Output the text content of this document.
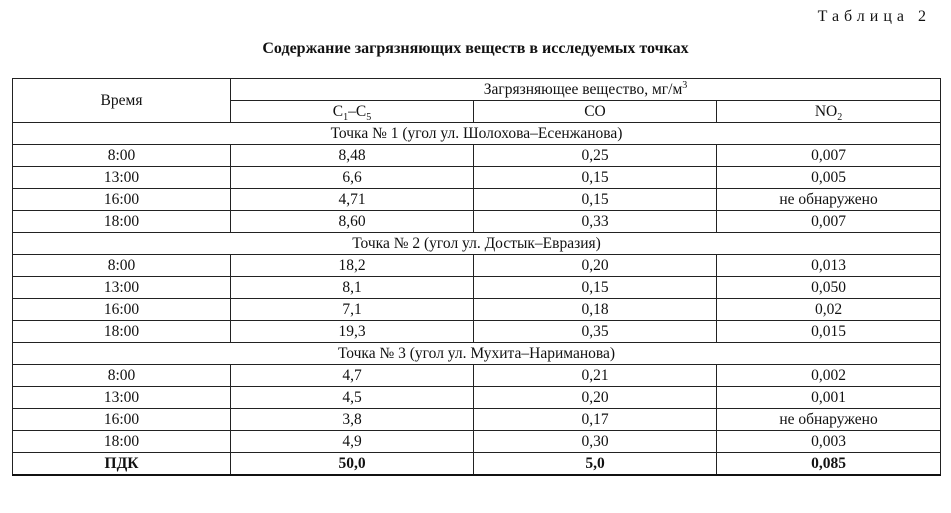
Таблица 2
Содержание загрязняющих веществ в исследуемых точках
Время	Загрязняющее вещество, $мг/м^3$
	$C_1-C_5$	CO	$NO_2$
Точка № 1 (угол ул. Шолохова–Есенжанова)			
8:00	8,48	0,25	0,007
13:00	6,6	0,15	0,005
16:00	4,71	0,15	не обнаружено
18:00	8,60	0,33	0,007
Точка № 2 (угол ул. Достык–Евразия)			
8:00	18,2	0,20	0,013
13:00	8,1	0,15	0,050
16:00	7,1	0,18	0,02
18:00	19,3	0,35	0,015
Точка № 3 (угол ул. Мухита–Нариманова)			
8:00	4,7	0,21	0,002
13:00	4,5	0,20	0,001
16:00	3,8	0,17	не обнаружено
18:00	4,9	0,30	0,003
ПДК	50,0	5,0	0,085
